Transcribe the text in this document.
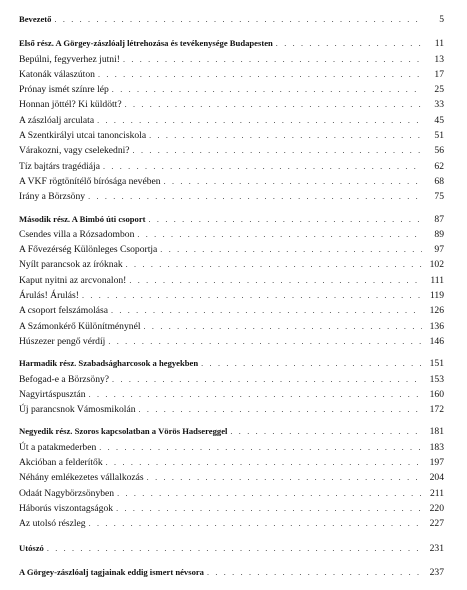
Bevezető . . .	5
Első rész. A Görgey-zászlóalj létrehozása és tevékenysége Budapesten . . .	11
Bepúlni, fegyverhez jutni! . . .	13
Katonák válaszúton . . .	17
Prónay ismét színre lép . . .	25
Honnan jöttél? Ki küldött? . . .	33
A zászlóalj arculata . . .	45
A Szentkirályi utcai tanonciskola . . .	51
Várakozni, vagy cselekedni? . . .	56
Tíz bajtárs tragédiája . . .	62
A VKF rögtönítélő bírósága nevében . . .	68
Irány a Börzsöny . . .	75
Második rész. A Bimbó úti csoport . . .	87
Csendes villa a Rózsadombon . . .	89
A Fővezérség Különleges Csoportja . . .	97
Nyílt parancsok az íróknak . . .	102
Kaput nyitni az arcvonalon! . . .	111
Árulás! Árulás! . . .	119
A csoport felszámolása . . .	126
A Számonkérő Különítménynél . . .	136
Húszezer pengő vérdíj . . .	146
Harmadik rész. Szabadságharcosok a hegyekben . . .	151
Befogad-e a Börzsöny? . . .	153
Nagyirtáspusztán . . .	160
Új parancsnok Vámosmikolán . . .	172
Negyedik rész. Szoros kapcsolatban a Vörös Hadsereggel . . .	181
Út a patakmederben . . .	183
Akcióban a felderítők . . .	197
Néhány emlékezetes vállalkozás . . .	204
Odaát Nagybörzsönyben . . .	211
Háborús viszontagságok . . .	220
Az utolsó részleg . . .	227
Utószó . . .	231
A Görgey-zászlóalj tagjainak eddig ismert névsora . . .	237
